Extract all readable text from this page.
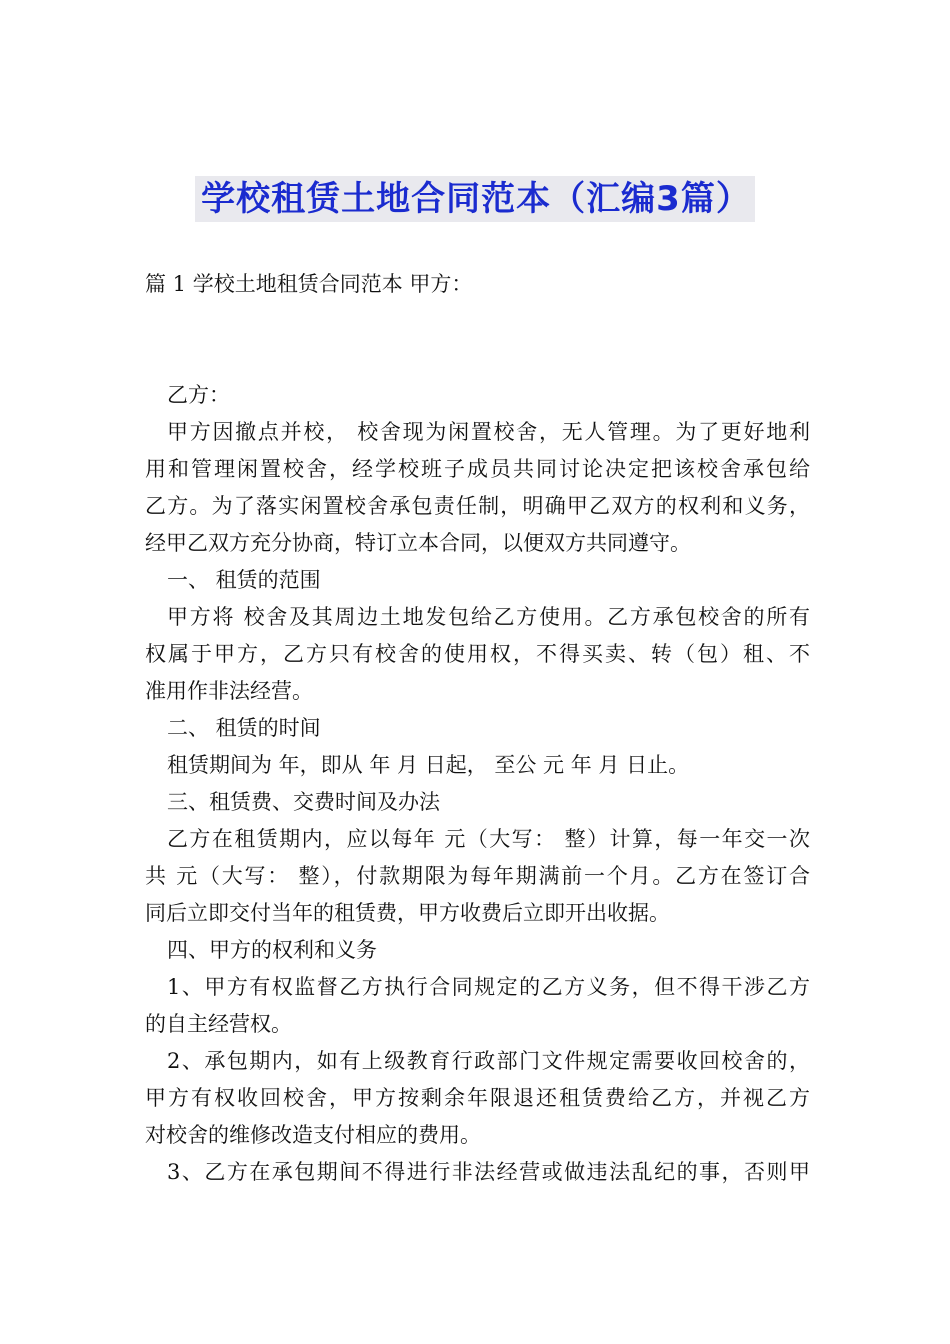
学校租赁土地合同范本（汇编3篇）
篇 1 学校土地租赁合同范本 甲方：
乙方：
甲方因撤点并校， 校舍现为闲置校舍，无人管理。为了更好地利
用和管理闲置校舍，经学校班子成员共同讨论决定把该校舍承包给
乙方。为了落实闲置校舍承包责任制，明确甲乙双方的权利和义务，
经甲乙双方充分协商，特订立本合同，以便双方共同遵守。
一、 租赁的范围
甲方将 校舍及其周边土地发包给乙方使用。乙方承包校舍的所有
权属于甲方，乙方只有校舍的使用权，不得买卖、转（包）租、不
准用作非法经营。
二、 租赁的时间
租赁期间为 年，即从 年 月 日起， 至公 元 年 月 日止。
三、租赁费、交费时间及办法
乙方在租赁期内，应以每年 元（大写： 整）计算，每一年交一次
共 元（大写： 整），付款期限为每年期满前一个月。乙方在签订合
同后立即交付当年的租赁费，甲方收费后立即开出收据。
四、甲方的权利和义务
1、甲方有权监督乙方执行合同规定的乙方义务，但不得干涉乙方
的自主经营权。
2、承包期内，如有上级教育行政部门文件规定需要收回校舍的，
甲方有权收回校舍，甲方按剩余年限退还租赁费给乙方，并视乙方
对校舍的维修改造支付相应的费用。
3、乙方在承包期间不得进行非法经营或做违法乱纪的事，否则甲
